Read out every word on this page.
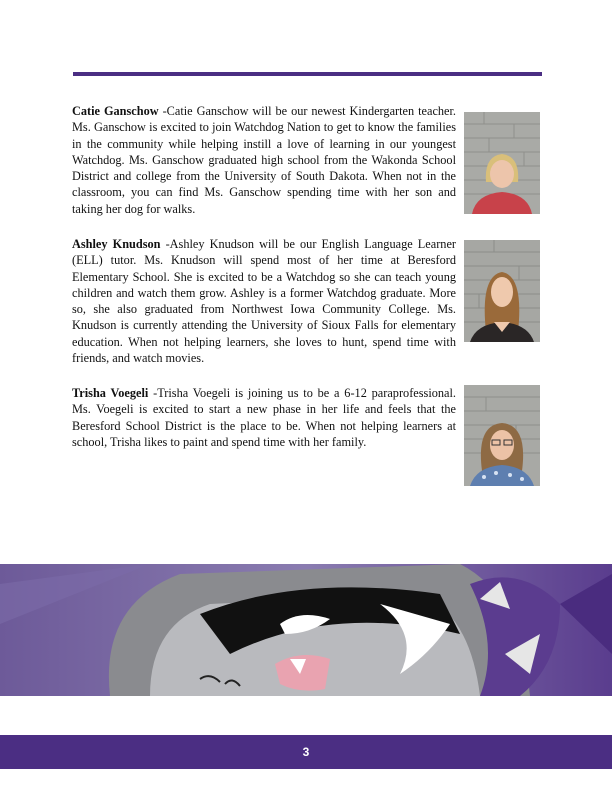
Catie Ganschow -Catie Ganschow will be our newest Kindergarten teacher. Ms. Ganschow is excited to join Watchdog Nation to get to know the families in the community while helping instill a love of learning in our youngest Watchdog. Ms. Ganschow graduated high school from the Wakonda School District and college from the University of South Dakota. When not in the classroom, you can find Ms. Ganschow spending time with her son and taking her dog for walks.
Ashley Knudson -Ashley Knudson will be our English Language Learner (ELL) tutor. Ms. Knudson will spend most of her time at Beresford Elementary School. She is excited to be a Watchdog so she can teach young children and watch them grow. Ashley is a former Watchdog graduate. More so, she also graduated from Northwest Iowa Community College. Ms. Knudson is currently attending the University of Sioux Falls for elementary education. When not helping learners, she loves to hunt, spend time with friends, and watch movies.
Trisha Voegeli -Trisha Voegeli is joining us to be a 6-12 paraprofessional. Ms. Voegeli is excited to start a new phase in her life and feels that the Beresford School District is the place to be. When not helping learners at school, Trisha likes to paint and spend time with her family.
3
